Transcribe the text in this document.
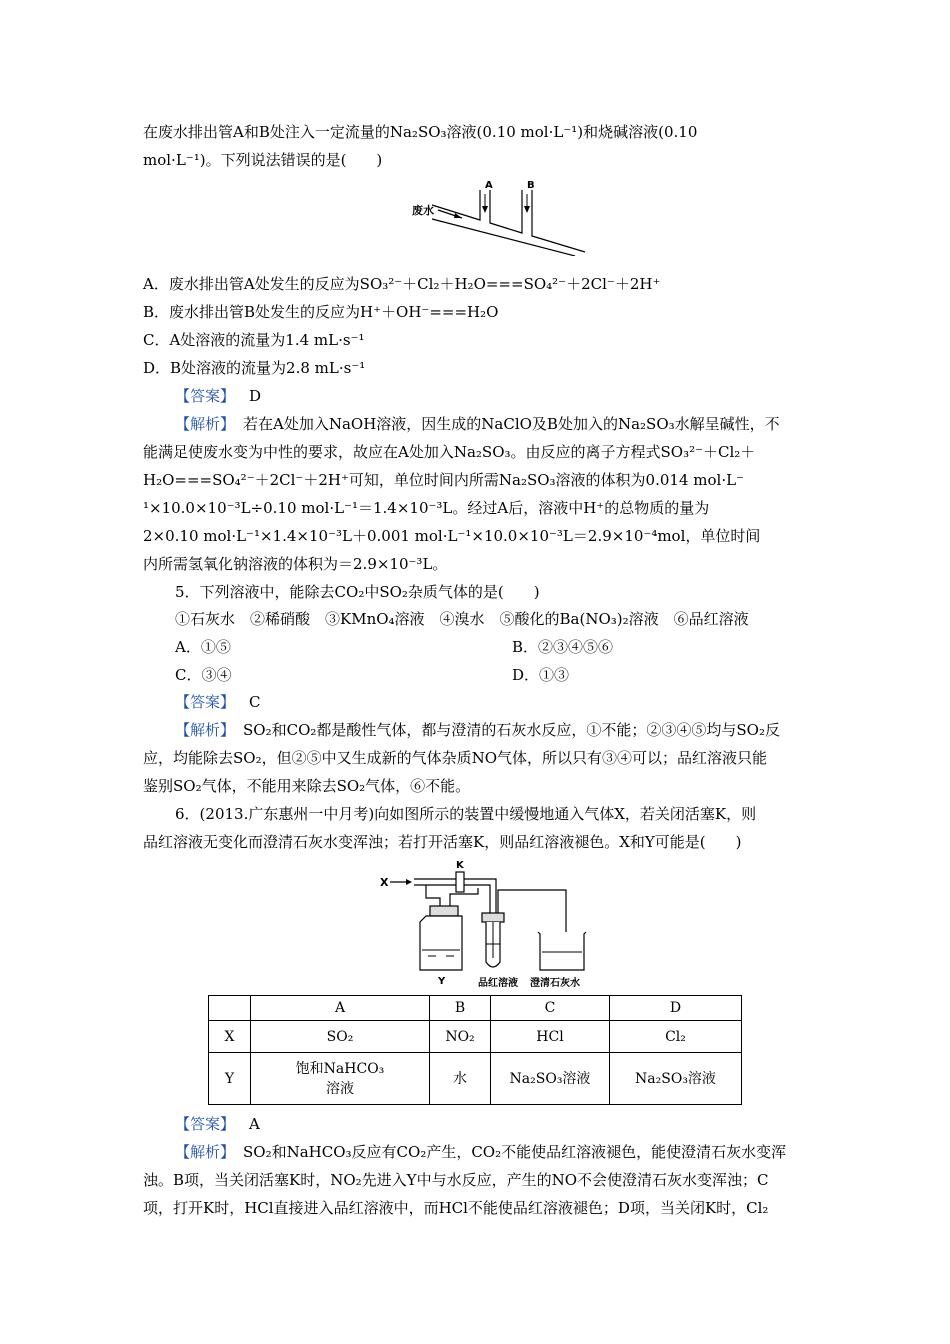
在废水排出管A和B处注入一定流量的Na₂SO₃溶液(0.10 mol·L⁻¹)和烧碱溶液(0.10
mol·L⁻¹)。下列说法错误的是(　　)
A	B
废水
A．废水排出管A处发生的反应为SO₃²⁻＋Cl₂＋H₂O===SO₄²⁻＋2Cl⁻＋2H⁺
B．废水排出管B处发生的反应为H⁺＋OH⁻===H₂O
C．A处溶液的流量为1.4 mL·s⁻¹
D．B处溶液的流量为2.8 mL·s⁻¹
【答案】 D
【解析】 若在A处加入NaOH溶液，因生成的NaClO及B处加入的Na₂SO₃水解呈碱性，不
能满足使废水变为中性的要求，故应在A处加入Na₂SO₃。由反应的离子方程式SO₃²⁻＋Cl₂＋
H₂O===SO₄²⁻＋2Cl⁻＋2H⁺可知，单位时间内所需Na₂SO₃溶液的体积为0.014 mol·L⁻
¹×10.0×10⁻³L÷0.10 mol·L⁻¹＝1.4×10⁻³L。经过A后，溶液中H⁺的总物质的量为
2×0.10 mol·L⁻¹×1.4×10⁻³L＋0.001 mol·L⁻¹×10.0×10⁻³L＝2.9×10⁻⁴mol，单位时间
内所需氢氧化钠溶液的体积为＝2.9×10⁻³L。
5．下列溶液中，能除去CO₂中SO₂杂质气体的是(　　)
①石灰水　②稀硝酸　③KMnO₄溶液　④溴水　⑤酸化的Ba(NO₃)₂溶液　⑥品红溶液
A．①⑤	B．②③④⑤⑥
C．③④	D．①③
【答案】 C
【解析】 SO₂和CO₂都是酸性气体，都与澄清的石灰水反应，①不能；②③④⑤均与SO₂反
应，均能除去SO₂，但②⑤中又生成新的气体杂质NO气体，所以只有③④可以；品红溶液只能
鉴别SO₂气体，不能用来除去SO₂气体，⑥不能。
6．(2013.广东惠州一中月考)向如图所示的装置中缓慢地通入气体X，若关闭活塞K，则
品红溶液无变化而澄清石灰水变浑浊；若打开活塞K，则品红溶液褪色。X和Y可能是(　　)
X
K
Y	品红溶液 澄清石灰水
	A	B	C	D
X	SO₂	NO₂	HCl	Cl₂
Y	饱和NaHCO₃
溶液	水	Na₂SO₃溶液	Na₂SO₃溶液
【答案】 A
【解析】 SO₂和NaHCO₃反应有CO₂产生，CO₂不能使品红溶液褪色，能使澄清石灰水变浑
浊。B项，当关闭活塞K时，NO₂先进入Y中与水反应，产生的NO不会使澄清石灰水变浑浊；C
项，打开K时，HCl直接进入品红溶液中，而HCl不能使品红溶液褪色；D项，当关闭K时，Cl₂
